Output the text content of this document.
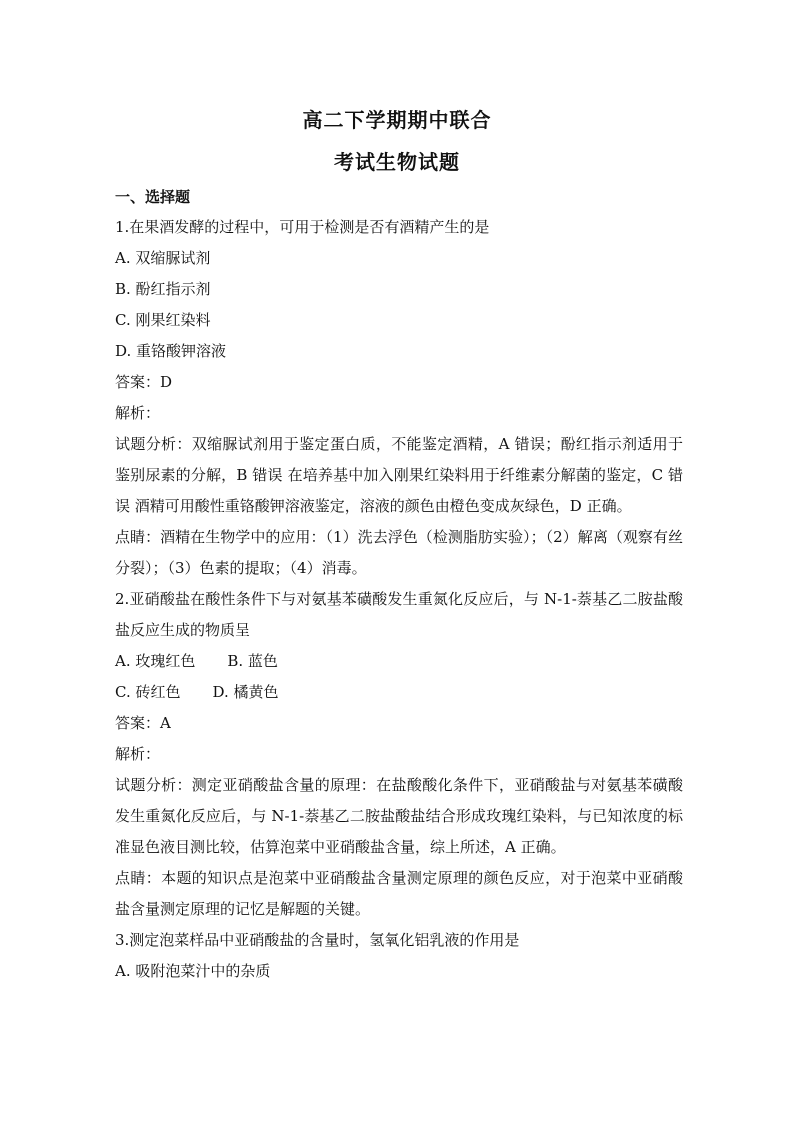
高二下学期期中联合
考试生物试题
一、选择题
1.在果酒发酵的过程中，可用于检测是否有酒精产生的是
A. 双缩脲试剂
B. 酚红指示剂
C. 刚果红染料
D. 重铬酸钾溶液
答案：D
解析：
试题分析：双缩脲试剂用于鉴定蛋白质，不能鉴定酒精，A 错误；酚红指示剂适用于鉴别尿素的分解，B 错误 在培养基中加入刚果红染料用于纤维素分解菌的鉴定，C 错误 酒精可用酸性重铬酸钾溶液鉴定，溶液的颜色由橙色变成灰绿色，D 正确。
点睛：酒精在生物学中的应用：（1）洗去浮色（检测脂肪实验）；（2）解离（观察有丝分裂）；（3）色素的提取；（4）消毒。
2.亚硝酸盐在酸性条件下与对氨基苯磺酸发生重氮化反应后，与 N-1-萘基乙二胺盐酸盐反应生成的物质呈
A. 玫瑰红色 B. 蓝色
C. 砖红色 D. 橘黄色
答案：A
解析：
试题分析：测定亚硝酸盐含量的原理：在盐酸酸化条件下，亚硝酸盐与对氨基苯磺酸发生重氮化反应后，与 N-1-萘基乙二胺盐酸盐结合形成玫瑰红染料，与已知浓度的标准显色液目测比较，估算泡菜中亚硝酸盐含量，综上所述，A 正确。
点睛：本题的知识点是泡菜中亚硝酸盐含量测定原理的颜色反应，对于泡菜中亚硝酸盐含量测定原理的记忆是解题的关键。
3.测定泡菜样品中亚硝酸盐的含量时，氢氧化铝乳液的作用是
A. 吸附泡菜汁中的杂质
